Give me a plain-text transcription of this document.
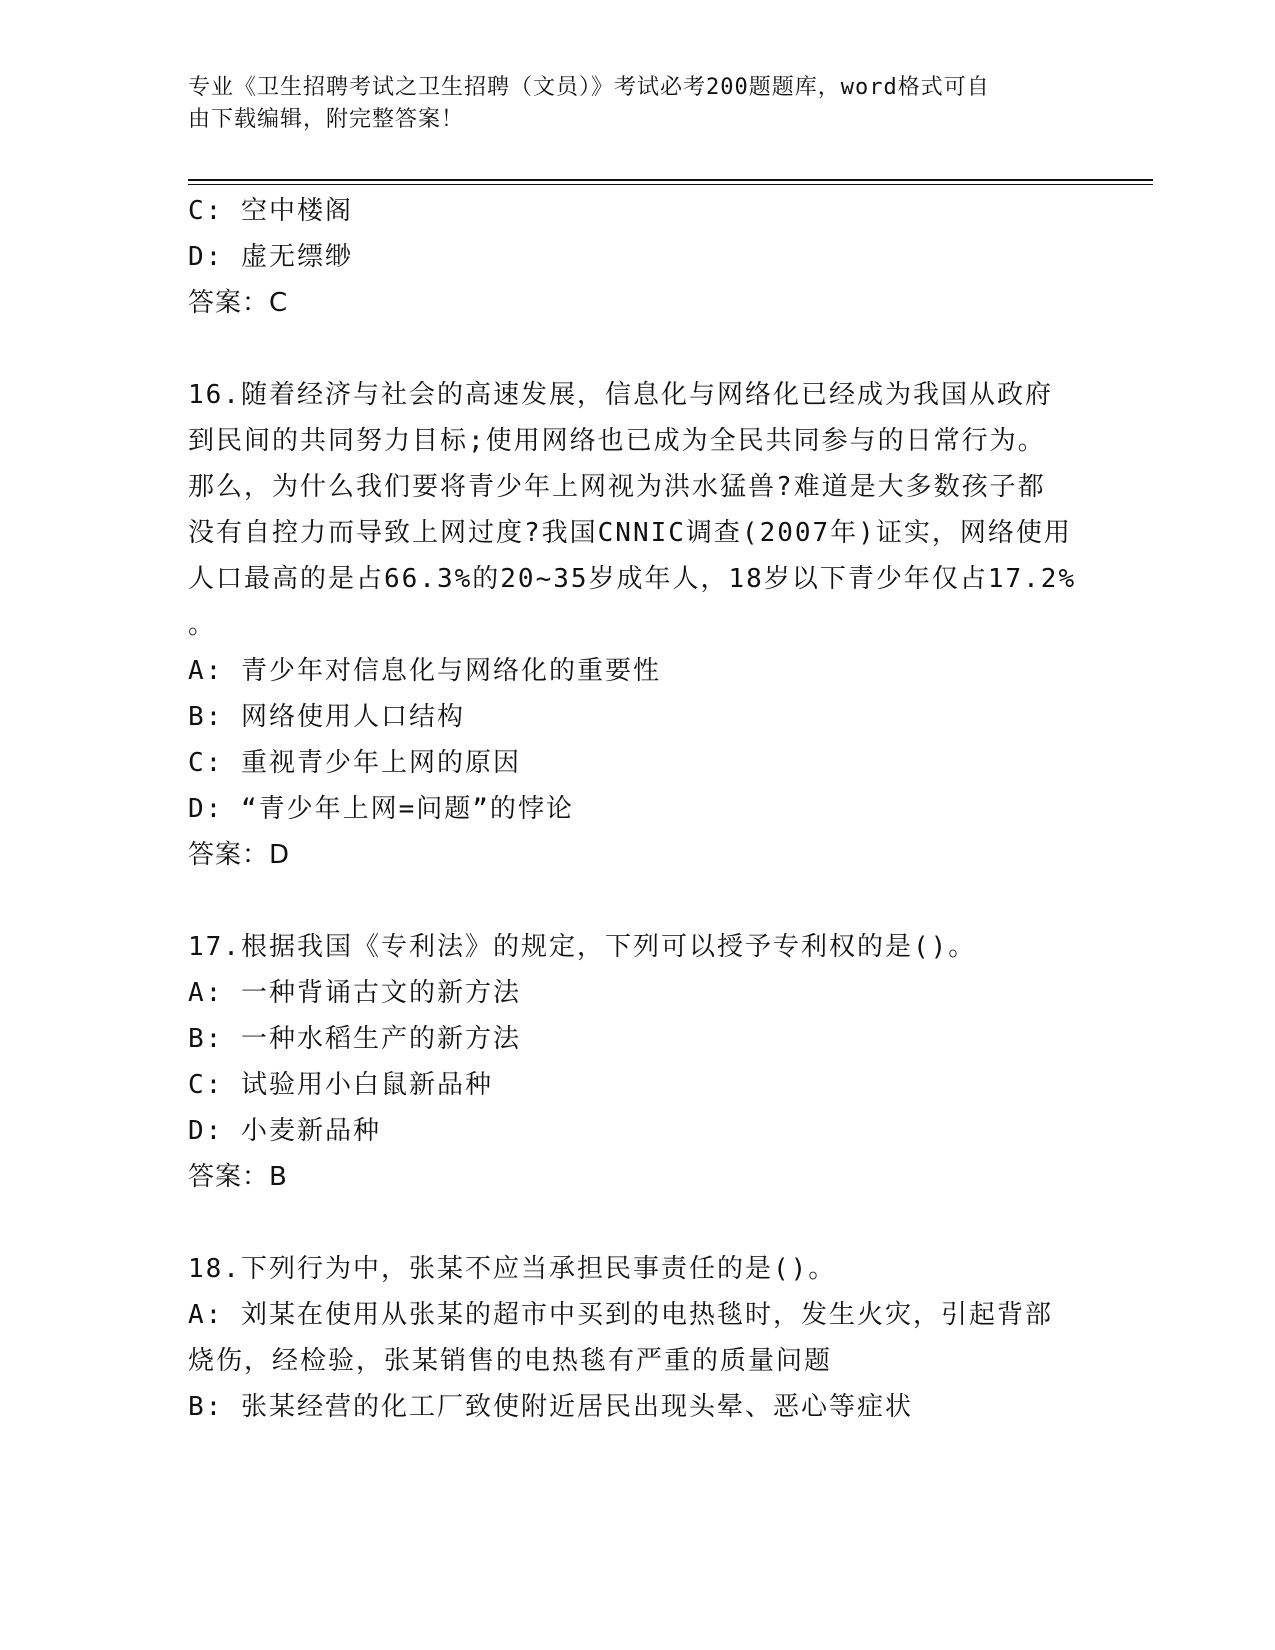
专业《卫生招聘考试之卫生招聘（文员）》考试必考200题题库，word格式可自
由下载编辑，附完整答案！
C: 空中楼阁
D: 虚无缥缈
答案：C
16.随着经济与社会的高速发展，信息化与网络化已经成为我国从政府
到民间的共同努力目标;使用网络也已成为全民共同参与的日常行为。
那么，为什么我们要将青少年上网视为洪水猛兽?难道是大多数孩子都
没有自控力而导致上网过度?我国CNNIC调查(2007年)证实，网络使用
人口最高的是占66.3%的20~35岁成年人，18岁以下青少年仅占17.2%
。
A: 青少年对信息化与网络化的重要性
B: 网络使用人口结构
C: 重视青少年上网的原因
D: “青少年上网=问题”的悖论
答案：D
17.根据我国《专利法》的规定，下列可以授予专利权的是()。
A: 一种背诵古文的新方法
B: 一种水稻生产的新方法
C: 试验用小白鼠新品种
D: 小麦新品种
答案：B
18.下列行为中，张某不应当承担民事责任的是()。
A: 刘某在使用从张某的超市中买到的电热毯时，发生火灾，引起背部
烧伤，经检验，张某销售的电热毯有严重的质量问题
B: 张某经营的化工厂致使附近居民出现头晕、恶心等症状
